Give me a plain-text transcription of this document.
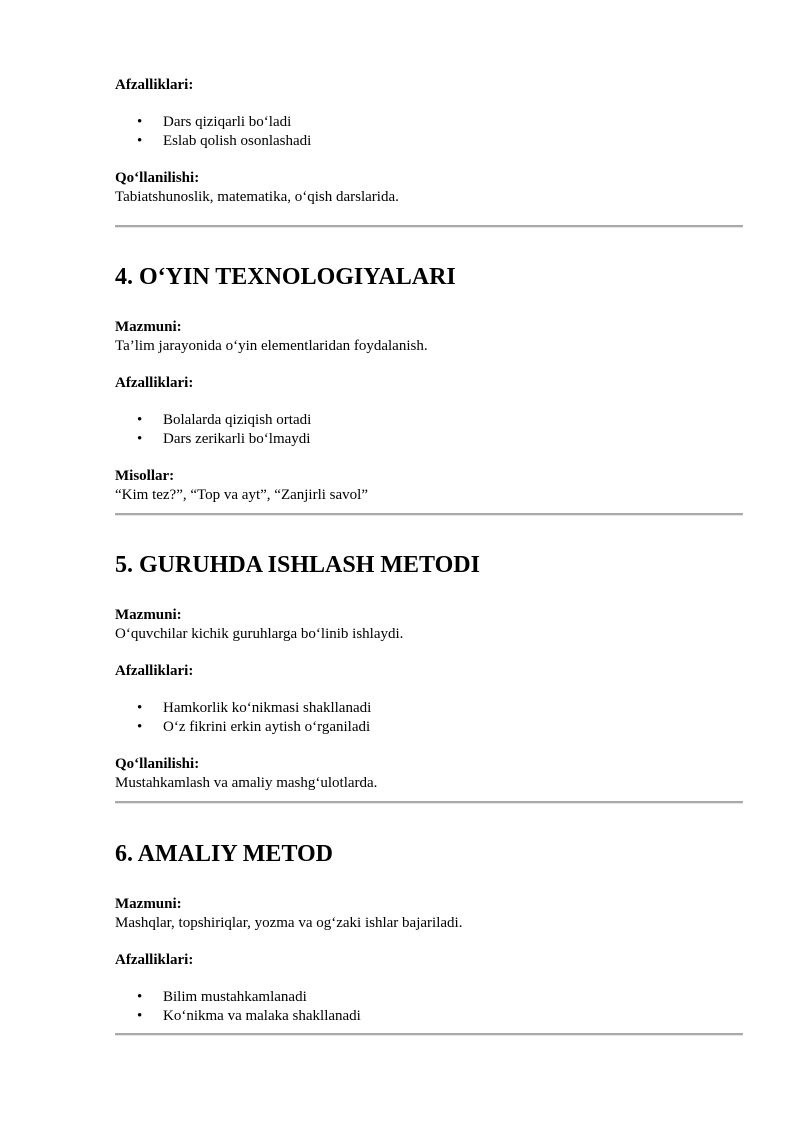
Afzalliklari:

• Dars qiziqarli bo‘ladi
• Eslab qolish osonlashadi

Qo‘llanilishi:

Tabiatshunoslik, matematika, o‘qish darslarida.

4. O‘YIN TEXNOLOGIYALARI

Mazmuni:

Ta’lim jarayonida o‘yin elementlaridan foydalanish.

Afzalliklari:

• Bolalarda qiziqish ortadi
• Dars zerikarli bo‘lmaydi

Misollar:

“Kim tez?”, “Top va ayt”, “Zanjirli savol”

5. GURUHDA ISHLASH METODI

Mazmuni:

O‘quvchilar kichik guruhlarga bo‘linib ishlaydi.

Afzalliklari:

• Hamkorlik ko‘nikmasi shakllanadi
• O‘z fikrini erkin aytish o‘rganiladi

Qo‘llanilishi:

Mustahkamlash va amaliy mashg‘ulotlarda.

6. AMALIY METOD

Mazmuni:

Mashqlar, topshiriqlar, yozma va og‘zaki ishlar bajariladi.

Afzalliklari:

• Bilim mustahkamlanadi
• Ko‘nikma va malaka shakllanadi
